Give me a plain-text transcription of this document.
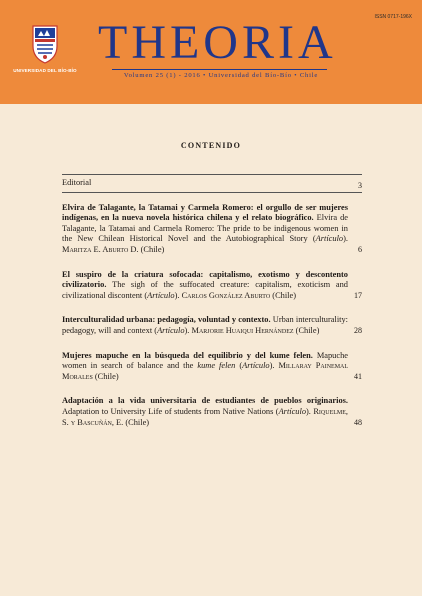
UNIVERSIDAD DEL BÍO-BÍO
ISSN 0717-196X
THEORIA
Volumen 25 (1) - 2016 • Universidad del Bío-Bío • Chile
CONTENIDO

Editorial	3

Elvira de Talagante, la Tatamai y Carmela Romero: el orgullo de ser mujeres indígenas, en la nueva novela histórica chilena y el relato biográfico. Elvira de Talagante, la Tatamai and Carmela Romero: The pride to be indigenous women in the New Chilean Historical Novel and the Autobiographical Story (Artículo). Maritza E. Aburto D. (Chile)	6

El suspiro de la criatura sofocada: capitalismo, exotismo y descontento civilizatorio. The sigh of the suffocated creature: capitalism, exoticism and civilizational discontent (Artículo). Carlos González Aburto (Chile)	17

Interculturalidad urbana: pedagogía, voluntad y contexto. Urban interculturality: pedagogy, will and context (Artículo). Marjorie Huaiqui Hernández (Chile)	28

Mujeres mapuche en la búsqueda del equilibrio y del kume felen. Mapuche women in search of balance and the kume felen (Artículo). Millaray Painemal Morales (Chile)	41

Adaptación a la vida universitaria de estudiantes de pueblos originarios. Adaptation to University Life of students from Native Nations (Artículo). Riquelme, S. y Bascuñán, E. (Chile)	48
